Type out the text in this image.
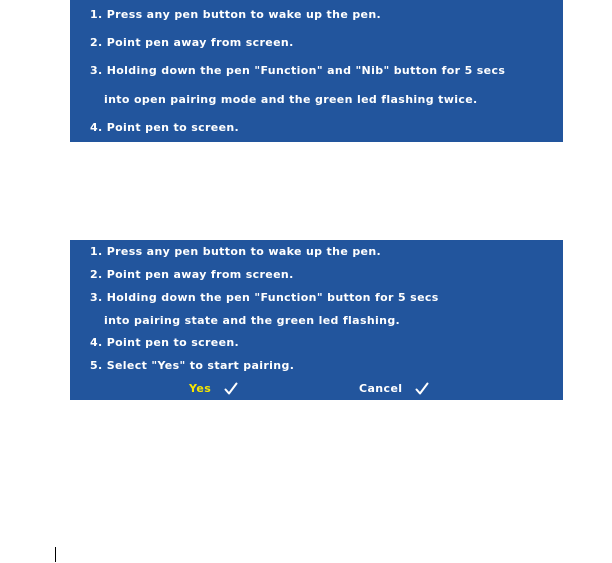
1. Press any pen button to wake up the pen.
2. Point pen away from screen.
3. Holding down the pen "Function" and "Nib" button for 5 secs
into open pairing mode and the green led flashing twice.
4. Point pen to screen.
1. Press any pen button to wake up the pen.
2. Point pen away from screen.
3. Holding down the pen "Function" button for 5 secs
into pairing state and the green led flashing.
4. Point pen to screen.
5. Select "Yes" to start pairing.
Yes	Cancel
